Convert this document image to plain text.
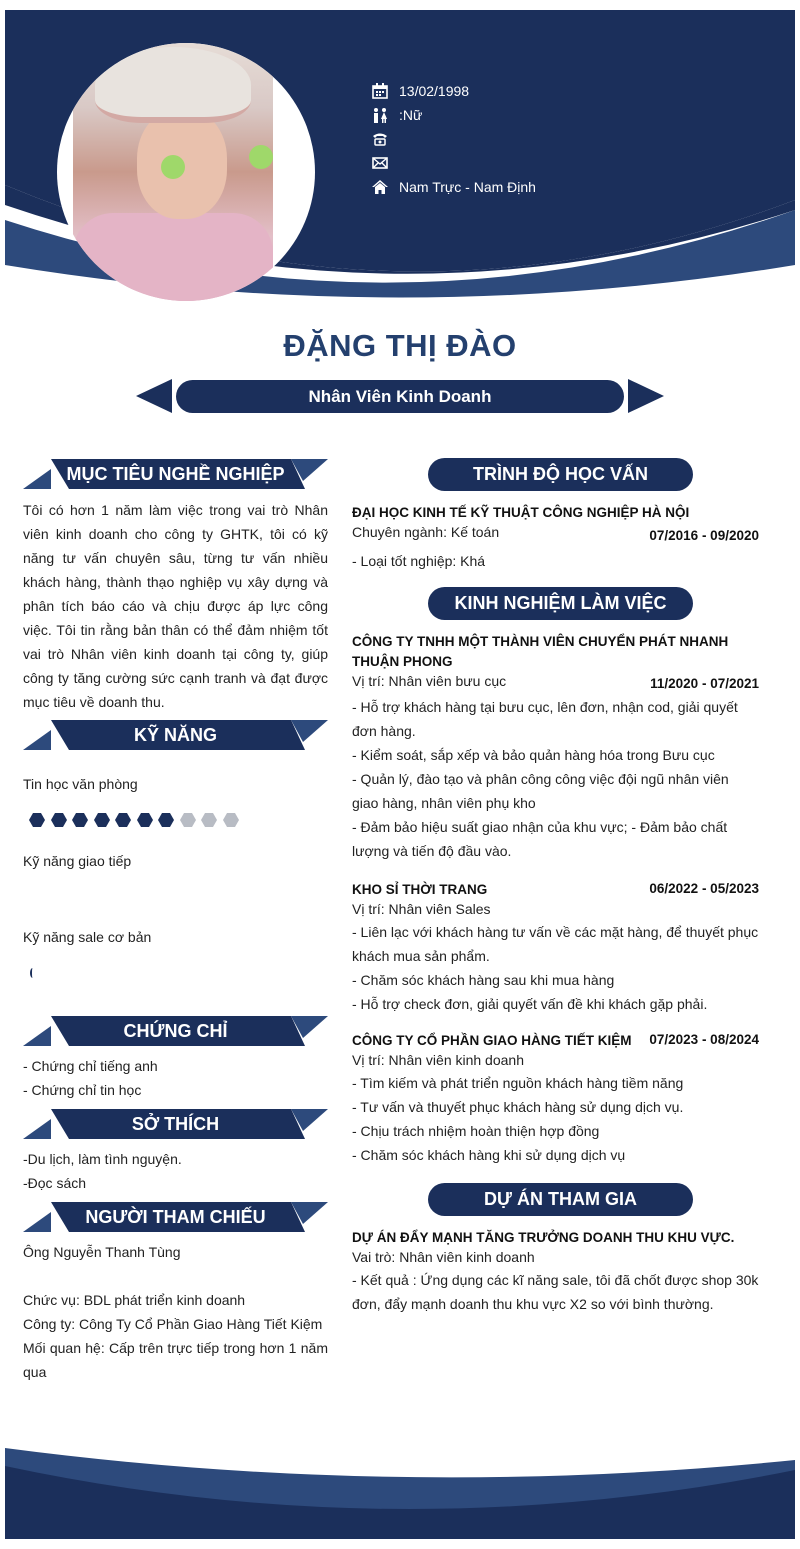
13/02/1998
:Nữ
Nam Trực - Nam Định
ĐẶNG THỊ ĐÀO
Nhân Viên Kinh Doanh
MỤC TIÊU NGHỀ NGHIỆP
Tôi có hơn 1 năm làm việc trong vai trò Nhân viên kinh doanh cho công ty GHTK, tôi có kỹ năng tư vấn chuyên sâu, từng tư vấn nhiều khách hàng, thành thạo nghiệp vụ xây dựng và phân tích báo cáo và chịu được áp lực công việc. Tôi tin rằng bản thân có thể đảm nhiệm tốt vai trò Nhân viên kinh doanh tại công ty, giúp công ty tăng cường sức cạnh tranh và đạt được mục tiêu về doanh thu.
KỸ NĂNG
Tin học văn phòng
Kỹ năng giao tiếp
Kỹ năng sale cơ bản
CHỨNG CHỈ
- Chứng chỉ tiếng anh
- Chứng chỉ tin học
SỞ THÍCH
-Du lịch, làm tình nguyện.
-Đọc sách
NGƯỜI THAM CHIẾU
Ông Nguyễn Thanh Tùng
Chức vụ: BDL phát triển kinh doanh
Công ty: Công Ty Cổ Phần Giao Hàng Tiết Kiệm
Mối quan hệ: Cấp trên trực tiếp trong hơn 1 năm qua
TRÌNH ĐỘ HỌC VẤN
ĐẠI HỌC KINH TẾ KỸ THUẬT CÔNG NGHIỆP HÀ NỘI
Chuyên ngành: Kế toán	07/2016 - 09/2020
- Loại tốt nghiệp: Khá
KINH NGHIỆM LÀM VIỆC
CÔNG TY TNHH MỘT THÀNH VIÊN CHUYỂN PHÁT NHANH THUẬN PHONG
Vị trí: Nhân viên bưu cục	11/2020 - 07/2021
- Hỗ trợ khách hàng tại bưu cục, lên đơn, nhận cod, giải quyết đơn hàng.
- Kiểm soát, sắp xếp và bảo quản hàng hóa trong Bưu cục
- Quản lý, đào tạo và phân công công việc đội ngũ nhân viên giao hàng, nhân viên phụ kho
- Đảm bảo hiệu suất giao nhận của khu vực; - Đảm bảo chất lượng và tiến độ đầu vào.
KHO SỈ THỜI TRANG	06/2022 - 05/2023
Vị trí: Nhân viên Sales
- Liên lạc với khách hàng tư vấn về các mặt hàng, để thuyết phục khách mua sản phẩm.
- Chăm sóc khách hàng sau khi mua hàng
- Hỗ trợ check đơn, giải quyết vấn đề khi khách gặp phải.
CÔNG TY CỔ PHẦN GIAO HÀNG TIẾT KIỆM 07/2023 - 08/2024
Vị trí: Nhân viên kinh doanh
- Tìm kiếm và phát triển nguồn khách hàng tiềm năng
- Tư vấn và thuyết phục khách hàng sử dụng dịch vụ.
- Chịu trách nhiệm hoàn thiện hợp đồng
- Chăm sóc khách hàng khi sử dụng dịch vụ
DỰ ÁN THAM GIA
DỰ ÁN ĐẨY MẠNH TĂNG TRƯỞNG DOANH THU KHU VỰC.
Vai trò: Nhân viên kinh doanh
- Kết quả : Ứng dụng các kĩ năng sale, tôi đã chốt được shop 30k đơn, đẩy mạnh doanh thu khu vực X2 so với bình thường.
